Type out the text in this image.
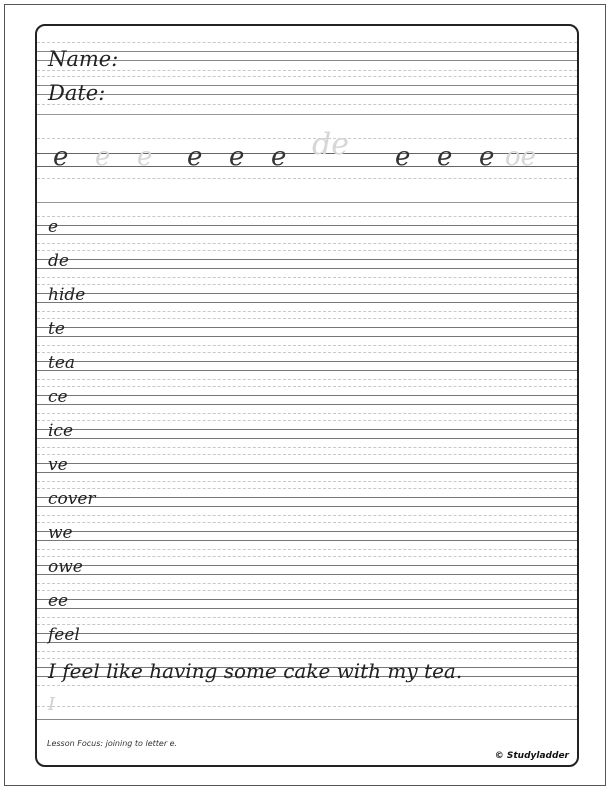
Name:
Date:
e e e e e e de e e e oe
e
de
hide
te
tea
ce
ice
ve
cover
we
owe
ee
feel
I feel like having some cake with my tea.
I
Lesson Focus: joining to letter e.
© Studyladder
